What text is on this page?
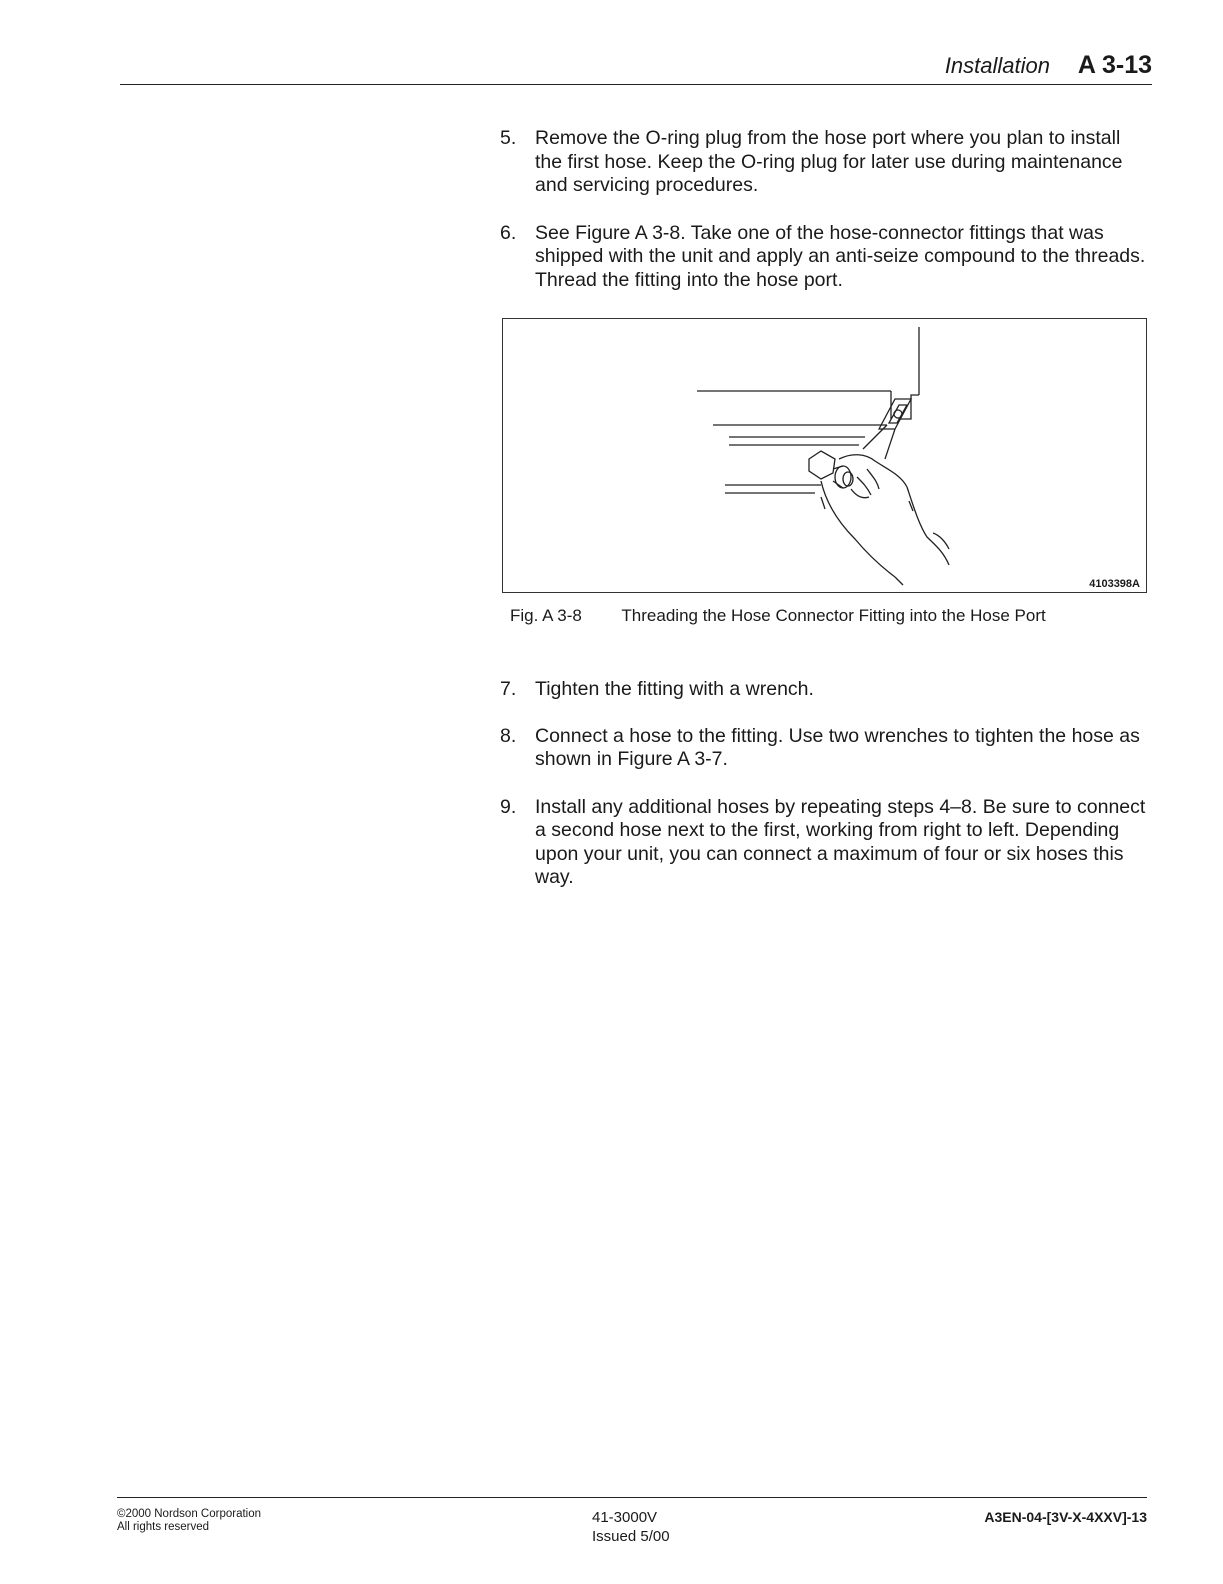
Installation A 3-13
5. Remove the O-ring plug from the hose port where you plan to install the first hose. Keep the O-ring plug for later use during maintenance and servicing procedures.
6. See Figure A 3-8. Take one of the hose-connector fittings that was shipped with the unit and apply an anti-seize compound to the threads. Thread the fitting into the hose port.
4103398A
Fig. A 3-8 Threading the Hose Connector Fitting into the Hose Port
7. Tighten the fitting with a wrench.
8. Connect a hose to the fitting. Use two wrenches to tighten the hose as shown in Figure A 3-7.
9. Install any additional hoses by repeating steps 4–8. Be sure to connect a second hose next to the first, working from right to left. Depending upon your unit, you can connect a maximum of four or six hoses this way.
©2000 Nordson Corporation
All rights reserved
41-3000V
Issued 5/00
A3EN-04-[3V-X-4XXV]-13
